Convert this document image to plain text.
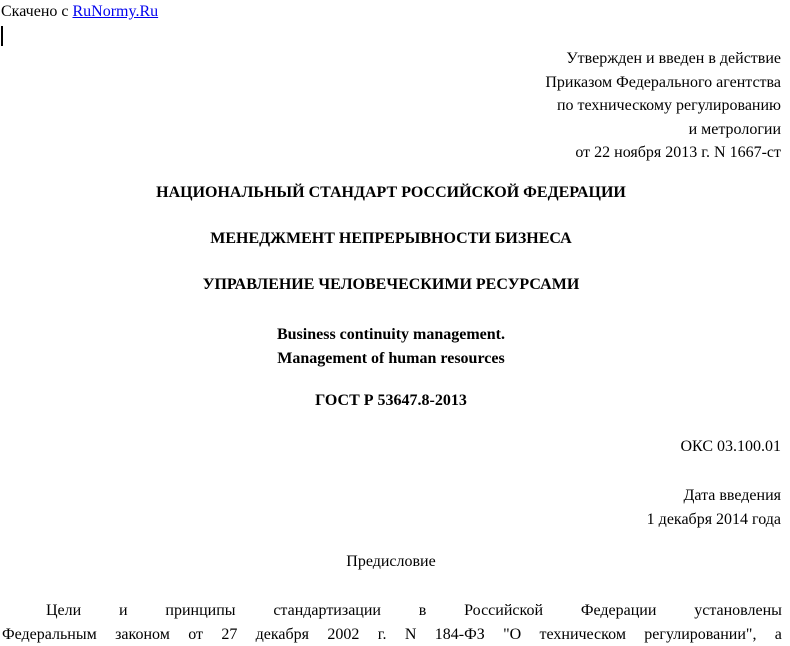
Скачено с RuNormy.Ru
Утвержден и введен в действие
Приказом Федерального агентства
по техническому регулированию
и метрологии
от 22 ноября 2013 г. N 1667-ст
НАЦИОНАЛЬНЫЙ СТАНДАРТ РОССИЙСКОЙ ФЕДЕРАЦИИ
МЕНЕДЖМЕНТ НЕПРЕРЫВНОСТИ БИЗНЕСА
УПРАВЛЕНИЕ ЧЕЛОВЕЧЕСКИМИ РЕСУРСАМИ
Business continuity management.
Management of human resources
ГОСТ Р 53647.8-2013
ОКС 03.100.01
Дата введения
1 декабря 2014 года
Предисловие
Цели и принципы стандартизации в Российской Федерации установлены
Федеральным законом от 27 декабря 2002 г. N 184-ФЗ "О техническом регулировании", а
